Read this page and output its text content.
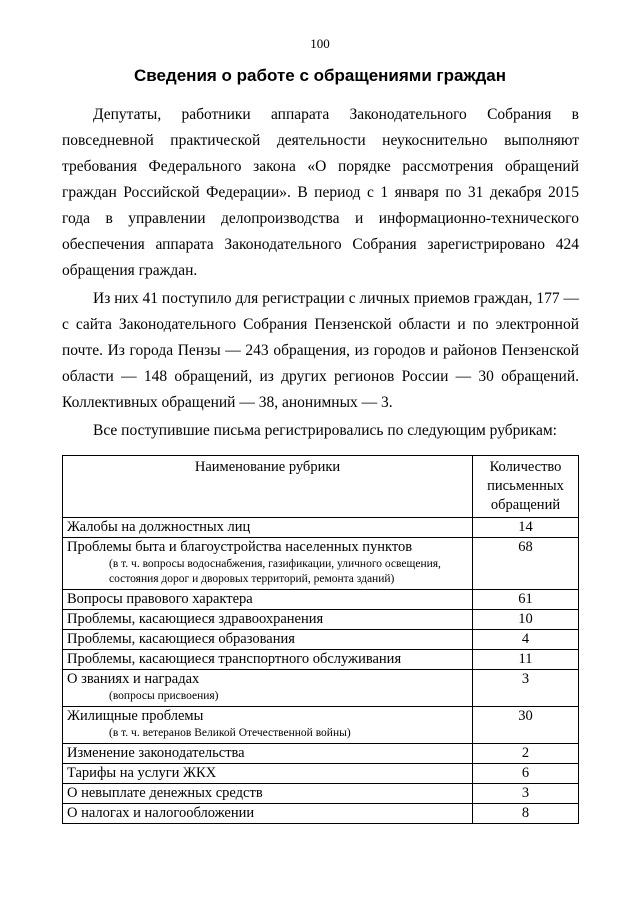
100
Сведения о работе с обращениями граждан

Депутаты, работники аппарата Законодательного Собрания в повседневной практической деятельности неукоснительно выполняют требования Федерального закона «О порядке рассмотрения обращений граждан Российской Федерации». В период с 1 января по 31 декабря 2015 года в управлении делопроизводства и информационно-технического обеспечения аппарата Законодательного Собрания зарегистрировано 424 обращения граждан.

Из них 41 поступило для регистрации с личных приемов граждан, 177 — с сайта Законодательного Собрания Пензенской области и по электронной почте. Из города Пензы — 243 обращения, из городов и районов Пензенской области — 148 обращений, из других регионов России — 30 обращений. Коллективных обращений — 38, анонимных — 3.

Все поступившие письма регистрировались по следующим рубрикам:

Наименование рубрики	Количество письменных обращений
Жалобы на должностных лиц	14
Проблемы быта и благоустройства населенных пунктов
(в т. ч. вопросы водоснабжения, газификации, уличного освещения, состояния дорог и дворовых территорий, ремонта зданий)	68
Вопросы правового характера	61
Проблемы, касающиеся здравоохранения	10
Проблемы, касающиеся образования	4
Проблемы, касающиеся транспортного обслуживания	11
О званиях и наградах
(вопросы присвоения)	3
Жилищные проблемы
(в т. ч. ветеранов Великой Отечественной войны)	30
Изменение законодательства	2
Тарифы на услуги ЖКХ	6
О невыплате денежных средств	3
О налогах и налогообложении	8
